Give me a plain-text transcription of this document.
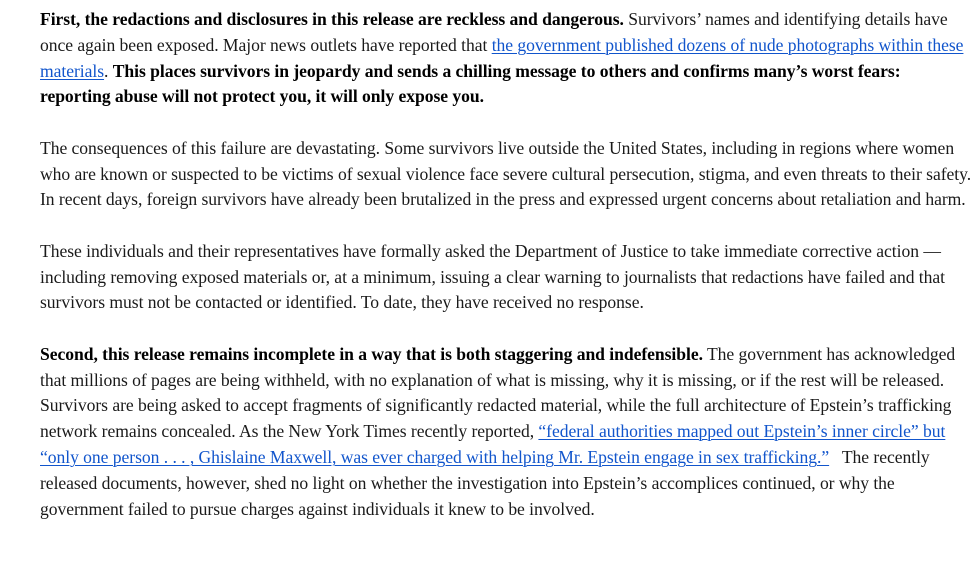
First, the redactions and disclosures in this release are reckless and dangerous. Survivors’ names and identifying details have once again been exposed. Major news outlets have reported that the government published dozens of nude photographs within these materials. This places survivors in jeopardy and sends a chilling message to others and confirms many’s worst fears: reporting abuse will not protect you, it will only expose you.

The consequences of this failure are devastating. Some survivors live outside the United States, including in regions where women who are known or suspected to be victims of sexual violence face severe cultural persecution, stigma, and even threats to their safety. In recent days, foreign survivors have already been brutalized in the press and expressed urgent concerns about retaliation and harm.

These individuals and their representatives have formally asked the Department of Justice to take immediate corrective action — including removing exposed materials or, at a minimum, issuing a clear warning to journalists that redactions have failed and that survivors must not be contacted or identified. To date, they have received no response.

Second, this release remains incomplete in a way that is both staggering and indefensible. The government has acknowledged that millions of pages are being withheld, with no explanation of what is missing, why it is missing, or if the rest will be released. Survivors are being asked to accept fragments of significantly redacted material, while the full architecture of Epstein’s trafficking network remains concealed. As the New York Times recently reported, “federal authorities mapped out Epstein’s inner circle” but “only one person . . . , Ghislaine Maxwell, was ever charged with helping Mr. Epstein engage in sex trafficking.”   The recently released documents, however, shed no light on whether the investigation into Epstein’s accomplices continued, or why the government failed to pursue charges against individuals it knew to be involved.
